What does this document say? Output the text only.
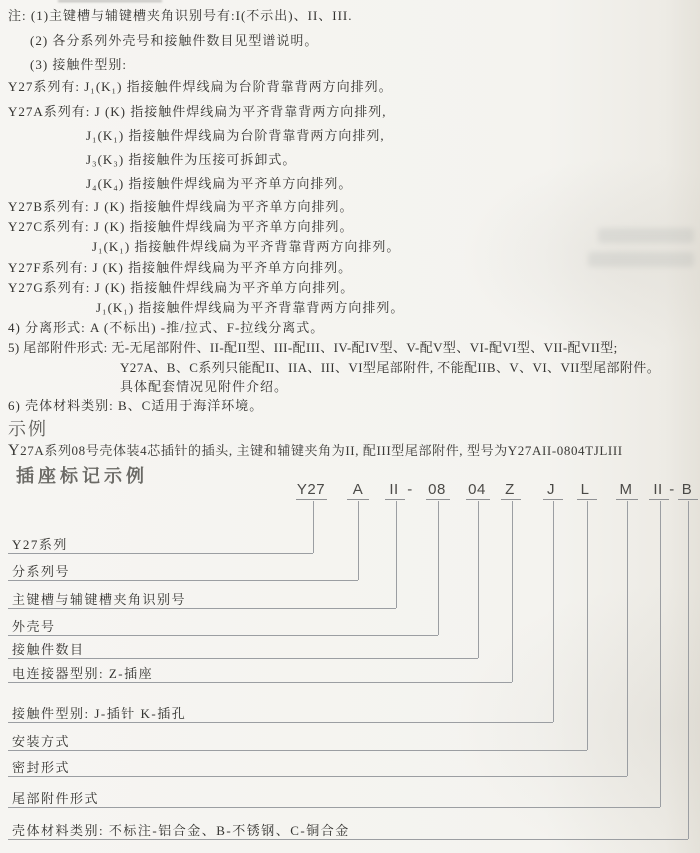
注: (1)主键槽与辅键槽夹角识别号有:I(不示出)、II、III.
(2) 各分系列外壳号和接触件数目见型谱说明。
(3) 接触件型别:
Y27系列有: J₁(K₁) 指接触件焊线扁为台阶背靠背两方向排列。
Y27A系列有: J (K) 指接触件焊线扁为平齐背靠背两方向排列,
J₁(K₁) 指接触件焊线扁为台阶背靠背两方向排列,
J₃(K₃) 指接触件为压接可拆卸式。
J₄(K₄) 指接触件焊线扁为平齐单方向排列。
Y27B系列有: J (K) 指接触件焊线扁为平齐单方向排列。
Y27C系列有: J (K) 指接触件焊线扁为平齐单方向排列。
J₁(K₁) 指接触件焊线扁为平齐背靠背两方向排列。
Y27F系列有: J (K) 指接触件焊线扁为平齐单方向排列。
Y27G系列有: J (K) 指接触件焊线扁为平齐单方向排列。
J₁(K₁) 指接触件焊线扁为平齐背靠背两方向排列。
4) 分离形式: A (不标出) -推/拉式、F-拉线分离式。
5) 尾部附件形式: 无-无尾部附件、II-配II型、III-配III、IV-配IV型、V-配V型、VI-配VI型、VII-配VII型;
Y27A、B、C系列只能配II、IIA、III、VI型尾部附件, 不能配IIB、V、VI、VII型尾部附件。
具体配套情况见附件介绍。
6) 壳体材料类别: B、C适用于海洋环境。
示例
Y27A系列08号壳体装4芯插针的插头, 主键和辅键夹角为II, 配III型尾部附件, 型号为Y27AII-0804TJLIII
插座标记示例
Y27	A	II - 08 04 Z J L M	II - B
Y27系列
分系列号
主键槽与辅键槽夹角识别号
外壳号
接触件数目
电连接器型别: Z-插座
接触件型别: J-插针 K-插孔
安装方式
密封形式
尾部附件形式
壳体材料类别: 不标注-铝合金、B-不锈钢、C-铜合金
